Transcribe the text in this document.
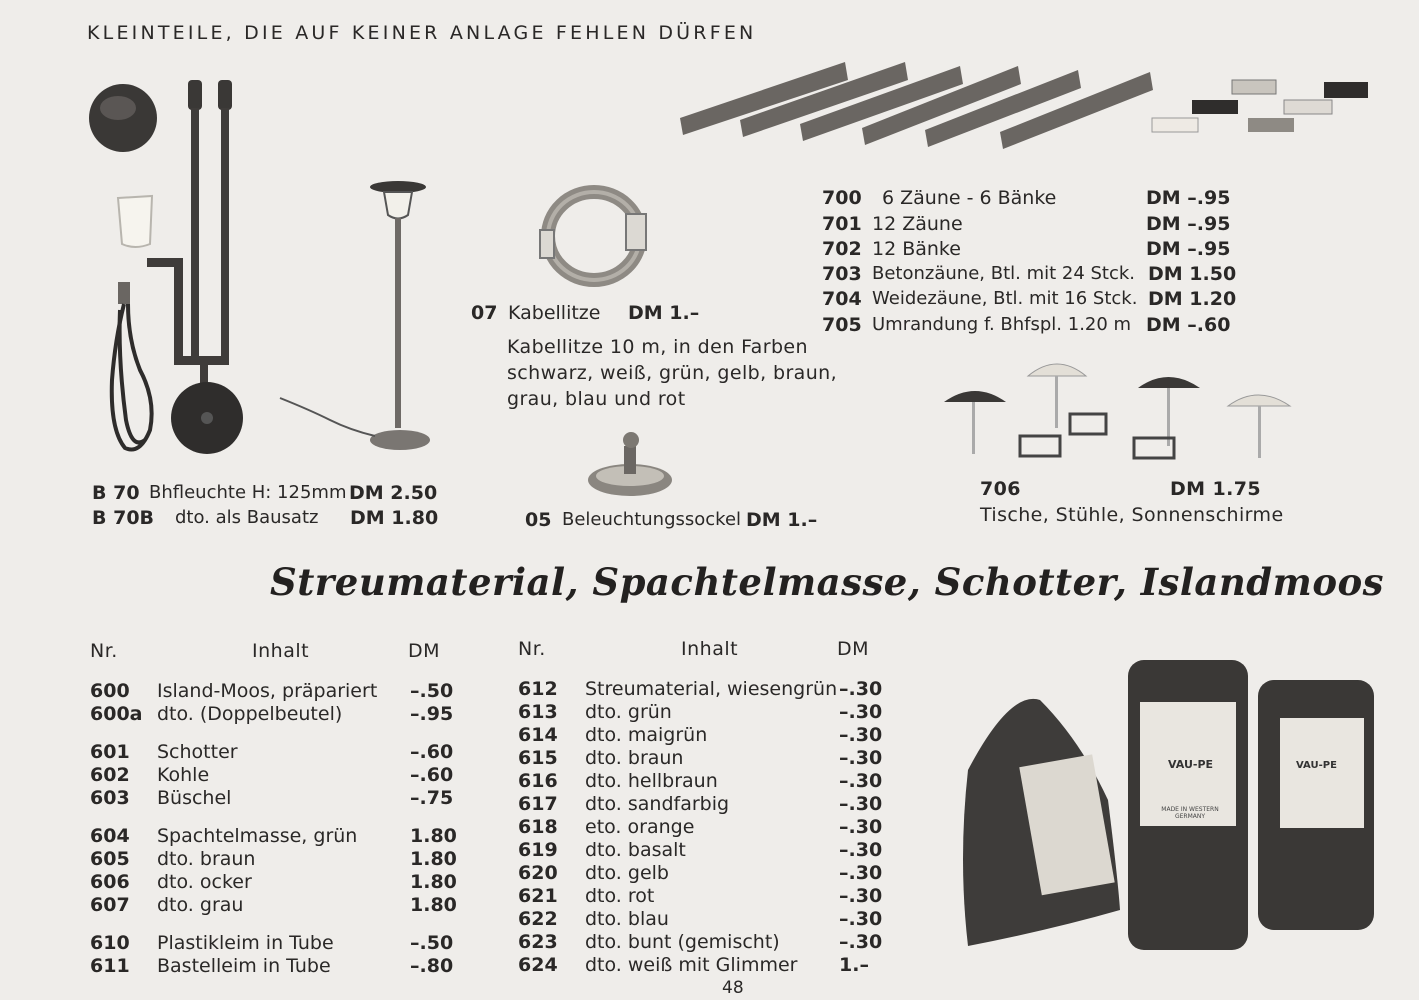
KLEINTEILE, DIE AUF KEINER ANLAGE FEHLEN DÜRFEN
VAU-PE	VAU-PE
MADE IN WESTERN GERMANY
B 70 Bhfleuchte H: 125mm DM 2.50
B 70B dto. als Bausatz DM 1.80
07 Kabellitze DM 1.–
Kabellitze 10 m, in den Farben
schwarz, weiß, grün, gelb, braun,
grau, blau und rot
05 Beleuchtungssockel DM 1.–
700 6 Zäune - 6 Bänke	DM –.95
701 12 Zäune	DM –.95
702 12 Bänke	DM –.95
703 Betonzäune, Btl. mit 24 Stck. DM 1.50
704 Weidezäune, Btl. mit 16 Stck. DM 1.20
705 Umrandung f. Bhfspl. 1.20 m DM –.60
706	DM 1.75
Tische, Stühle, Sonnenschirme
Streumaterial, Spachtelmasse, Schotter, Islandmoos
Nr.	Inhalt	DM
600 Island-Moos, präpariert –.50
600a dto. (Doppelbeutel)	–.95
601 Schotter	–.60
602 Kohle	–.60
603 Büschel	–.75
604 Spachtelmasse, grün	1.80
605 dto. braun	1.80
606 dto. ocker	1.80
607 dto. grau	1.80
610 Plastikleim in Tube	–.50
611 Bastelleim in Tube	–.80
Nr.	Inhalt	DM
612 Streumaterial, wiesengrün –.30
613 dto. grün	–.30
614 dto. maigrün	–.30
615 dto. braun	–.30
616 dto. hellbraun	–.30
617 dto. sandfarbig	–.30
618 eto. orange	–.30
619 dto. basalt	–.30
620 dto. gelb	–.30
621 dto. rot	–.30
622 dto. blau	–.30
623 dto. bunt (gemischt)	–.30
624 dto. weiß mit Glimmer 1.–
48
